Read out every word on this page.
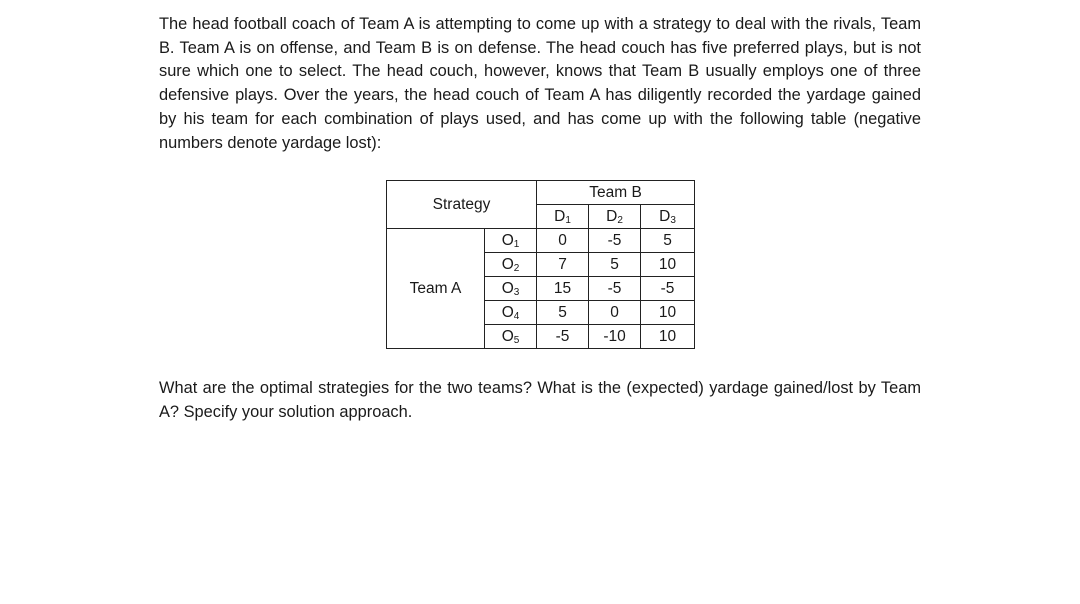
The head football coach of Team A is attempting to come up with a strategy to deal with the rivals, Team B. Team A is on offense, and Team B is on defense. The head couch has five preferred plays, but is not sure which one to select. The head couch, however, knows that Team B usually employs one of three defensive plays. Over the years, the head couch of Team A has diligently recorded the yardage gained by his team for each combination of plays used, and has come up with the following table (negative numbers denote yardage lost):

Strategy		Team B		
		$D_1$	$D_2$	$D_3$
Team A	$O_1$	0	-5	5
	$O_2$	7	5	10
	$O_3$	15	-5	-5
	$O_4$	5	0	10
	$O_5$	-5	-10	10

What are the optimal strategies for the two teams? What is the (expected) yardage gained/lost by Team A? Specify your solution approach.
